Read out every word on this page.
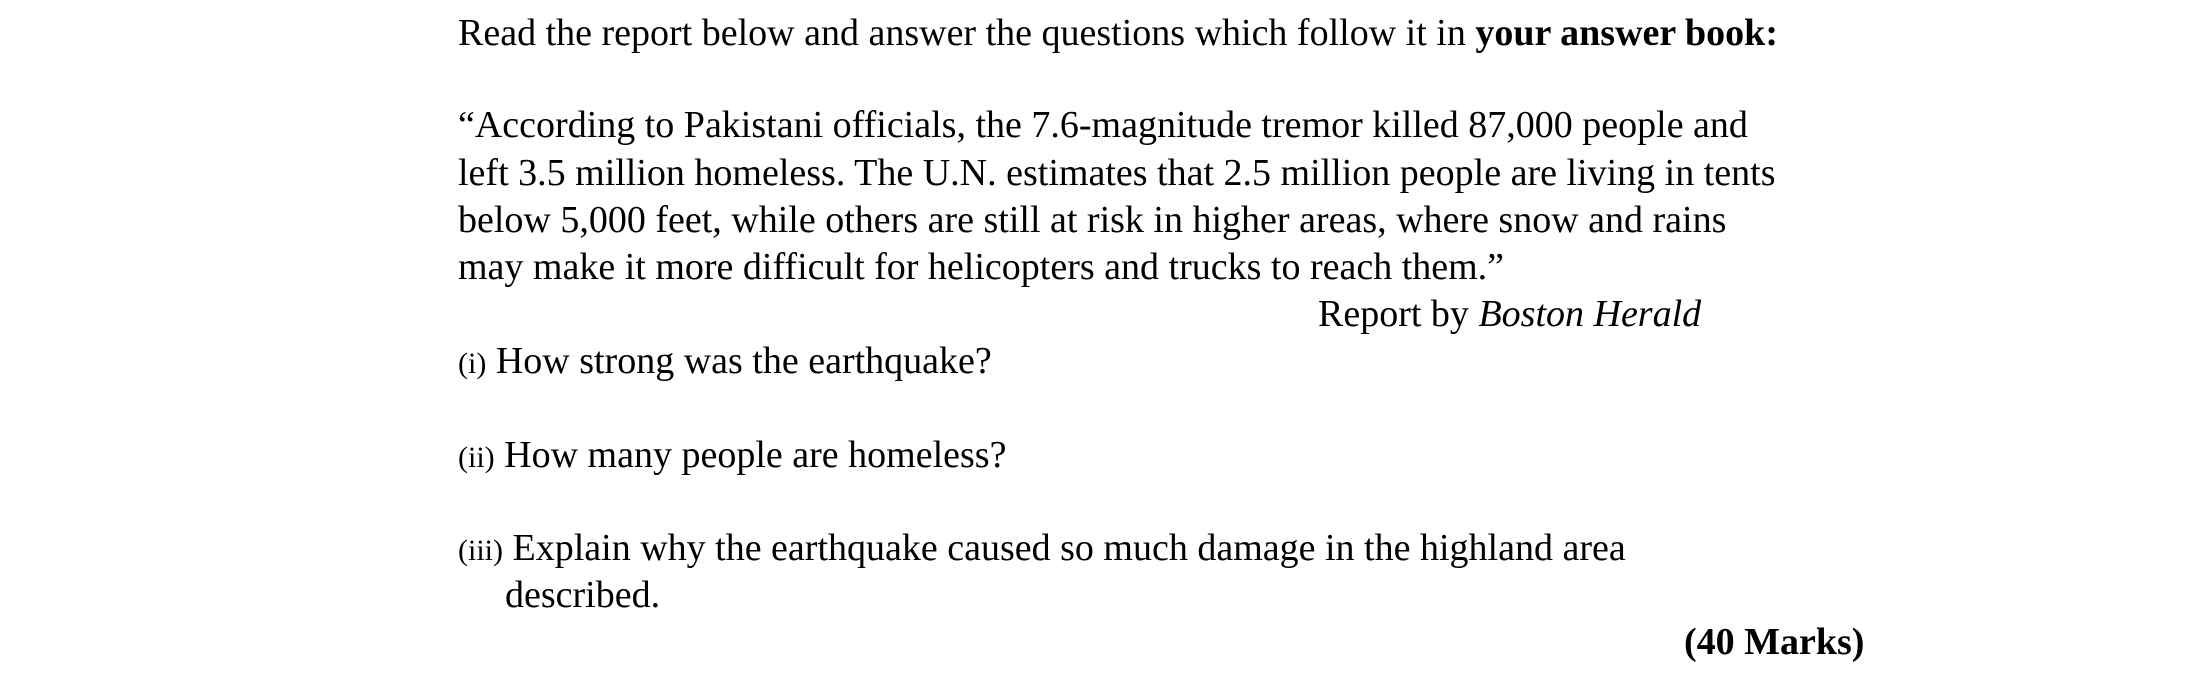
Read the report below and answer the questions which follow it in your answer book:
“According to Pakistani officials, the 7.6-magnitude tremor killed 87,000 people and
left 3.5 million homeless. The U.N. estimates that 2.5 million people are living in tents
below 5,000 feet, while others are still at risk in higher areas, where snow and rains
may make it more difficult for helicopters and trucks to reach them.”
Report by Boston Herald
(i) How strong was the earthquake?
(ii) How many people are homeless?
(iii) Explain why the earthquake caused so much damage in the highland area
described.
(40 Marks)
